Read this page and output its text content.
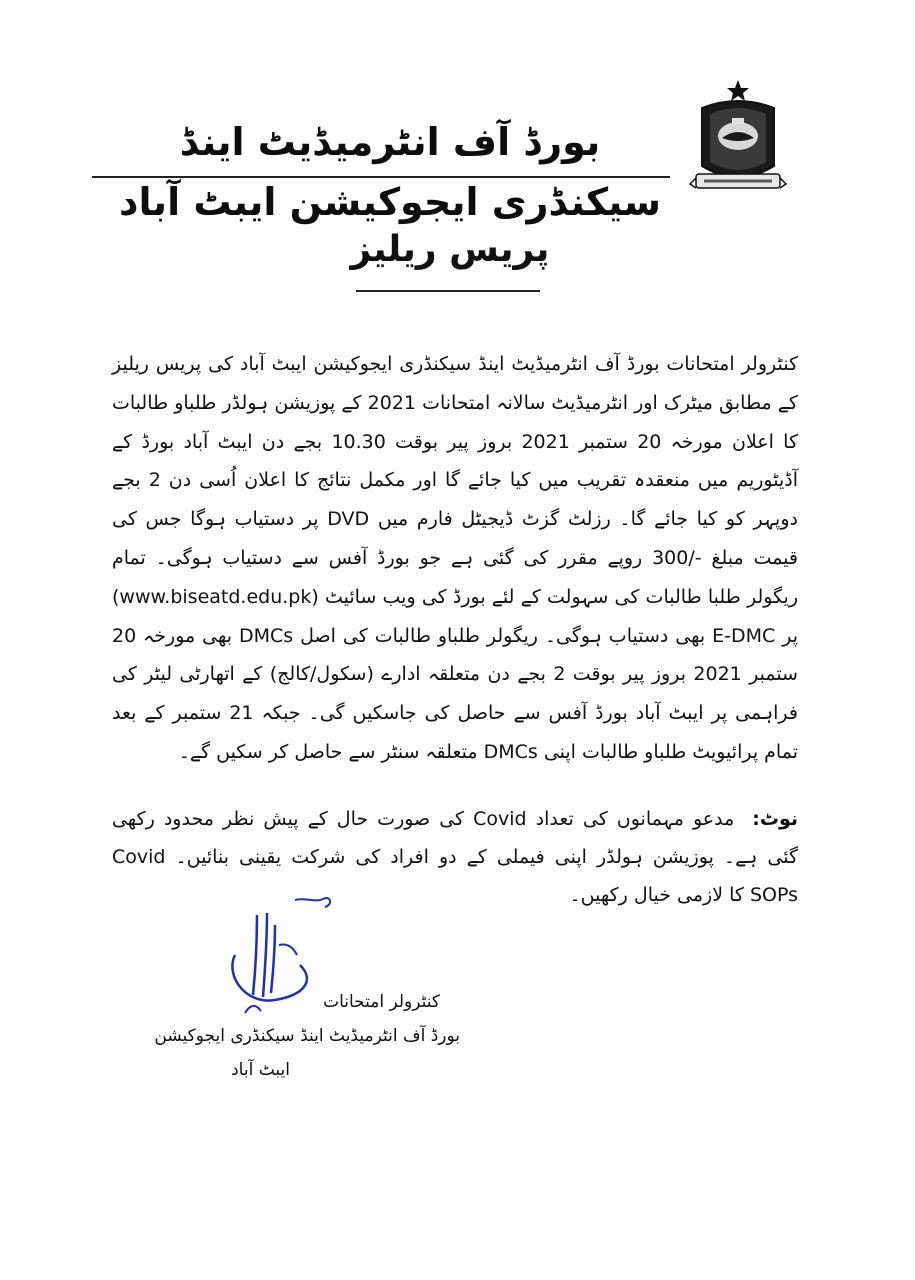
بورڈ آف انٹرمیڈیٹ اینڈ سیکنڈری ایجوکیشن ایبٹ آباد
پریس ریلیز

کنٹرولر امتحانات بورڈ آف انٹرمیڈیٹ اینڈ سیکنڈری ایجوکیشن ایبٹ آباد کی پریس ریلیز کے مطابق میٹرک اور انٹرمیڈیٹ سالانہ امتحانات 2021 کے پوزیشن ہولڈر طلباو طالبات کا اعلان مورخہ 20 ستمبر 2021 بروز پیر بوقت 10.30 بجے دن ایبٹ آباد بورڈ کے آڈیٹوریم میں منعقدہ تقریب میں کیا جائے گا اور مکمل نتائج کا اعلان اُسی دن 2 بجے دوپہر کو کیا جائے گا۔ رزلٹ گزٹ ڈیجیٹل فارم میں DVD پر دستیاب ہوگا جس کی قیمت مبلغ -/300 روپے مقرر کی گئی ہے جو بورڈ آفس سے دستیاب ہوگی۔ تمام ریگولر طلبا طالبات کی سہولت کے لئے بورڈ کی ویب سائیٹ (www.biseatd.edu.pk) پر E-DMC بھی دستیاب ہوگی۔ ریگولر طلباو طالبات کی اصل DMCs بھی مورخہ 20 ستمبر 2021 بروز پیر بوقت 2 بجے دن متعلقہ ادارے (سکول/کالج) کے اتھارٹی لیٹر کی فراہمی پر ایبٹ آباد بورڈ آفس سے حاصل کی جاسکیں گی۔ جبکہ 21 ستمبر کے بعد تمام پرائیویٹ طلباو طالبات اپنی DMCs متعلقہ سنٹر سے حاصل کر سکیں گے۔

نوٹ:مدعو مہمانوں کی تعداد Covid کی صورت حال کے پیش نظر محدود رکھی گئی ہے۔ پوزیشن ہولڈر اپنی فیملی کے دو افراد کی شرکت یقینی بنائیں۔ Covid SOPs کا لازمی خیال رکھیں۔

کنٹرولر امتحانات
بورڈ آف انٹرمیڈیٹ اینڈ سیکنڈری ایجوکیشن
ایبٹ آباد
